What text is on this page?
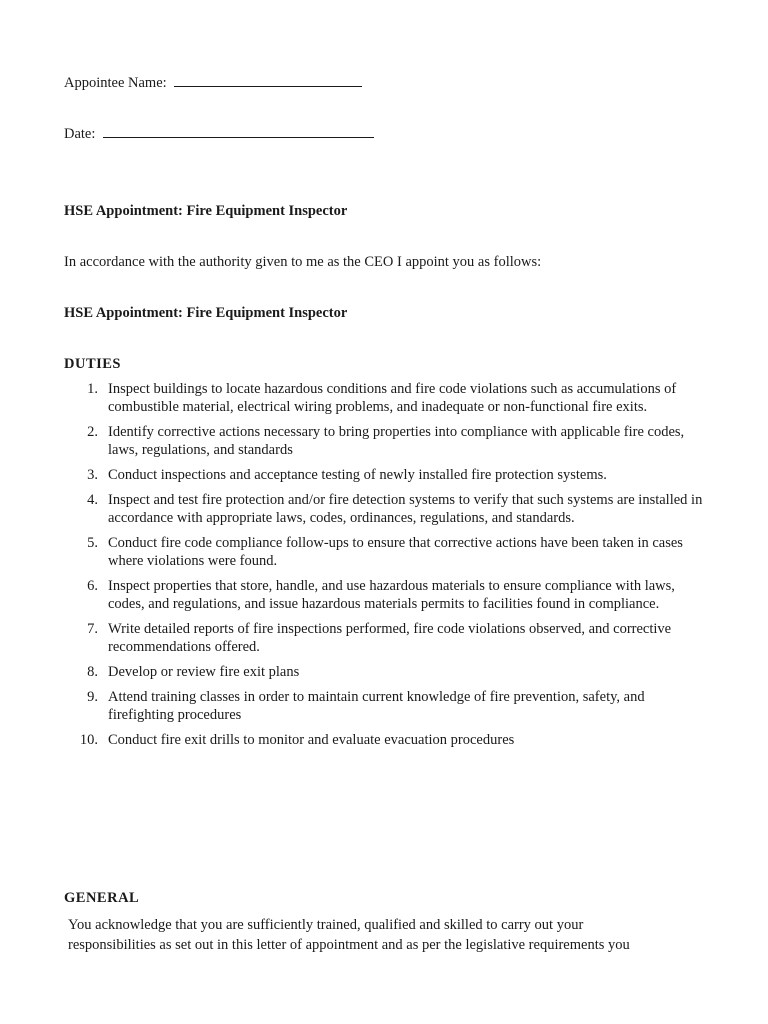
Appointee Name:
Date:
HSE Appointment: Fire Equipment Inspector
In accordance with the authority given to me as the CEO I appoint you as follows:
HSE Appointment: Fire Equipment Inspector
DUTIES
1. Inspect buildings to locate hazardous conditions and fire code violations such as accumulations of combustible material, electrical wiring problems, and inadequate or non-functional fire exits.
2. Identify corrective actions necessary to bring properties into compliance with applicable fire codes, laws, regulations, and standards
3. Conduct inspections and acceptance testing of newly installed fire protection systems.
4. Inspect and test fire protection and/or fire detection systems to verify that such systems are installed in accordance with appropriate laws, codes, ordinances, regulations, and standards.
5. Conduct fire code compliance follow-ups to ensure that corrective actions have been taken in cases where violations were found.
6. Inspect properties that store, handle, and use hazardous materials to ensure compliance with laws, codes, and regulations, and issue hazardous materials permits to facilities found in compliance.
7. Write detailed reports of fire inspections performed, fire code violations observed, and corrective recommendations offered.
8. Develop or review fire exit plans
9. Attend training classes in order to maintain current knowledge of fire prevention, safety, and firefighting procedures
10. Conduct fire exit drills to monitor and evaluate evacuation procedures
GENERAL
You acknowledge that you are sufficiently trained, qualified and skilled to carry out your responsibilities as set out in this letter of appointment and as per the legislative requirements you
